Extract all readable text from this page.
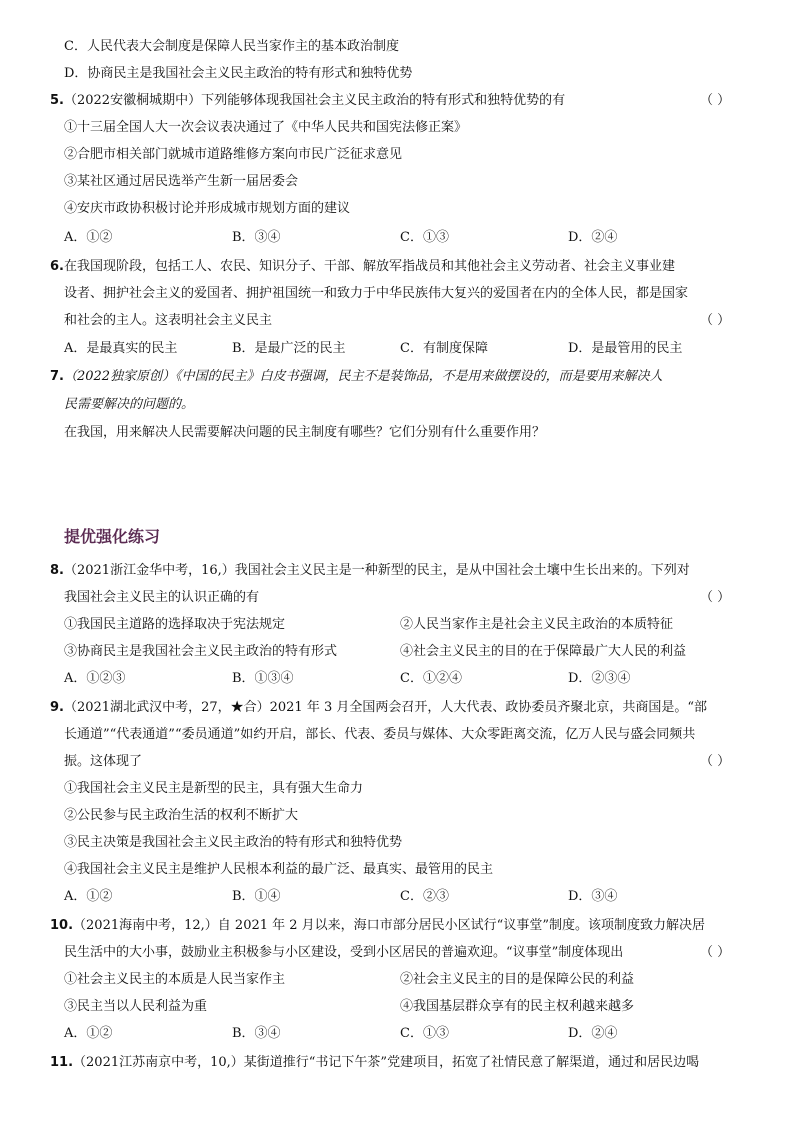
C．人民代表大会制度是保障人民当家作主的基本政治制度
D．协商民主是我国社会主义民主政治的特有形式和独特优势
5.（2022安徽桐城期中）下列能够体现我国社会主义民主政治的特有形式和独特优势的有	（ ）
①十三届全国人大一次会议表决通过了《中华人民共和国宪法修正案》
②合肥市相关部门就城市道路维修方案向市民广泛征求意见
③某社区通过居民选举产生新一届居委会
④安庆市政协积极讨论并形成城市规划方面的建议
A．①②	B．③④	C．①③	D．②④
6.在我国现阶段，包括工人、农民、知识分子、干部、解放军指战员和其他社会主义劳动者、社会主义事业建
设者、拥护社会主义的爱国者、拥护祖国统一和致力于中华民族伟大复兴的爱国者在内的全体人民，都是国家
和社会的主人。这表明社会主义民主	（ ）
A．是最真实的民主	B．是最广泛的民主	C．有制度保障	D．是最管用的民主
7.（2022独家原创）《中国的民主》白皮书强调，民主不是装饰品，不是用来做摆设的，而是要用来解决人
民需要解决的问题的。
在我国，用来解决人民需要解决问题的民主制度有哪些？它们分别有什么重要作用？
提优强化练习
8.（2021浙江金华中考，16,）我国社会主义民主是一种新型的民主，是从中国社会土壤中生长出来的。下列对
我国社会主义民主的认识正确的有	（ ）
①我国民主道路的选择取决于宪法规定	②人民当家作主是社会主义民主政治的本质特征
③协商民主是我国社会主义民主政治的特有形式	④社会主义民主的目的在于保障最广大人民的利益
A．①②③	B．①③④	C．①②④	D．②③④
9.（2021湖北武汉中考，27，★合）2021 年 3 月全国两会召开，人大代表、政协委员齐聚北京，共商国是。“部
长通道”“代表通道”“委员通道”如约开启，部长、代表、委员与媒体、大众零距离交流，亿万人民与盛会同频共
振。这体现了	（ ）
①我国社会主义民主是新型的民主，具有强大生命力
②公民参与民主政治生活的权利不断扩大
③民主决策是我国社会主义民主政治的特有形式和独特优势
④我国社会主义民主是维护人民根本利益的最广泛、最真实、最管用的民主
A．①②	B．①④	C．②③	D．③④
10.（2021海南中考，12,）自 2021 年 2 月以来，海口市部分居民小区试行“议事堂”制度。该项制度致力解决居
民生活中的大小事，鼓励业主积极参与小区建设，受到小区居民的普遍欢迎。“议事堂”制度体现出	（ ）
①社会主义民主的本质是人民当家作主	②社会主义民主的目的是保障公民的利益
③民主当以人民利益为重	④我国基层群众享有的民主权利越来越多
A．①②	B．③④	C．①③	D．②④
11.（2021江苏南京中考，10,）某街道推行“书记下午茶”党建项目，拓宽了社情民意了解渠道，通过和居民边喝
